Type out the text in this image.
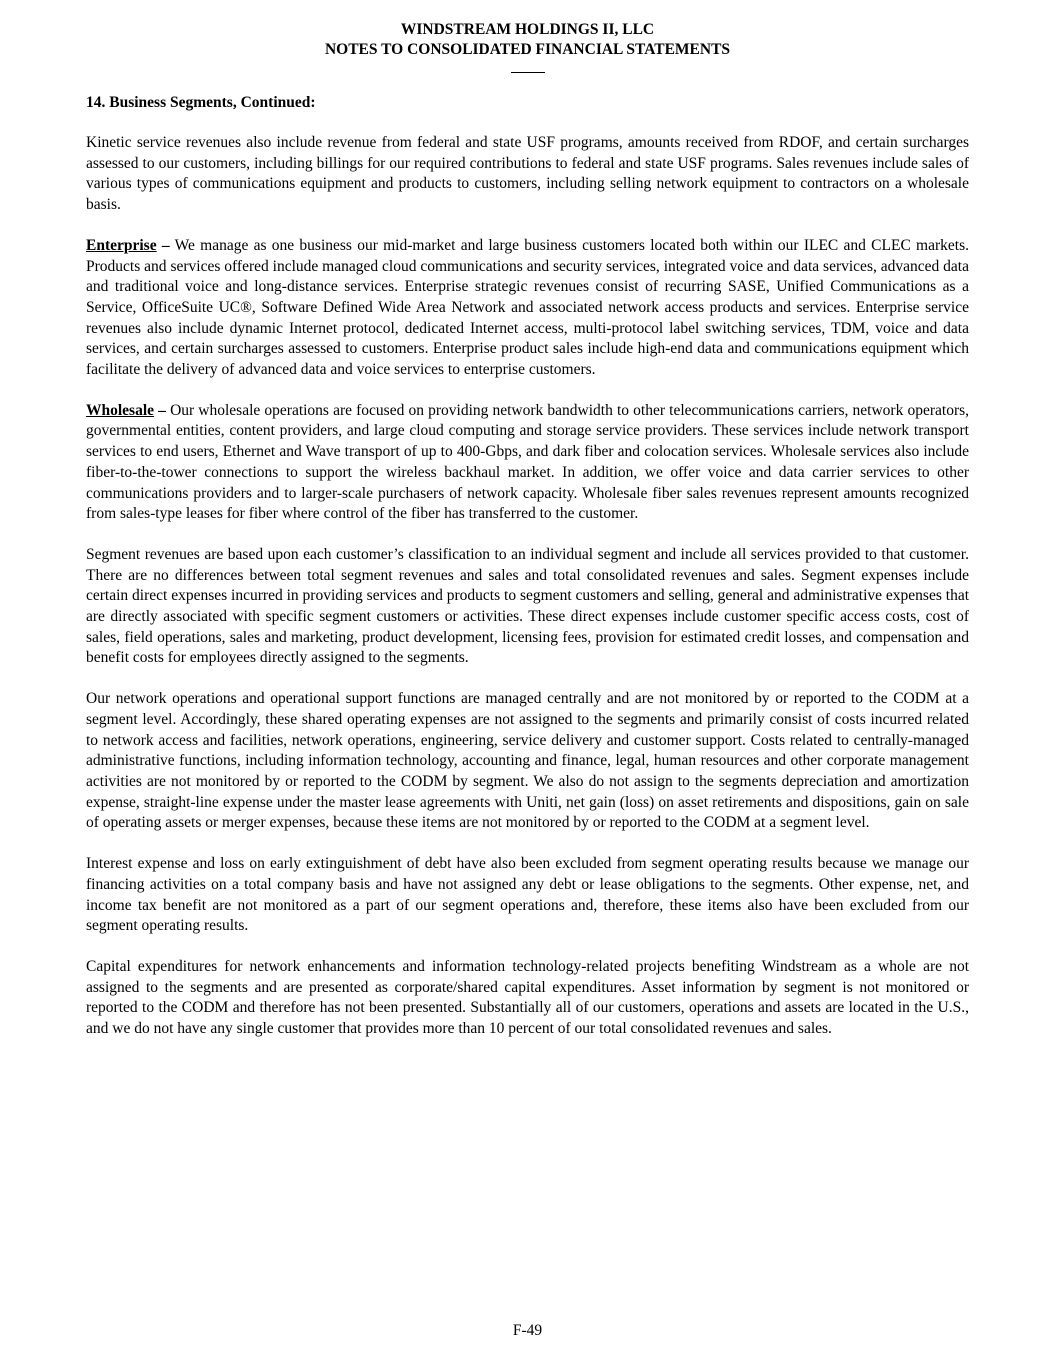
WINDSTREAM HOLDINGS II, LLC
NOTES TO CONSOLIDATED FINANCIAL STATEMENTS
14. Business Segments, Continued:

Kinetic service revenues also include revenue from federal and state USF programs, amounts received from RDOF, and certain surcharges assessed to our customers, including billings for our required contributions to federal and state USF programs. Sales revenues include sales of various types of communications equipment and products to customers, including selling network equipment to contractors on a wholesale basis.

Enterprise – We manage as one business our mid-market and large business customers located both within our ILEC and CLEC markets. Products and services offered include managed cloud communications and security services, integrated voice and data services, advanced data and traditional voice and long-distance services. Enterprise strategic revenues consist of recurring SASE, Unified Communications as a Service, OfficeSuite UC®, Software Defined Wide Area Network and associated network access products and services. Enterprise service revenues also include dynamic Internet protocol, dedicated Internet access, multi-protocol label switching services, TDM, voice and data services, and certain surcharges assessed to customers. Enterprise product sales include high-end data and communications equipment which facilitate the delivery of advanced data and voice services to enterprise customers.

Wholesale – Our wholesale operations are focused on providing network bandwidth to other telecommunications carriers, network operators, governmental entities, content providers, and large cloud computing and storage service providers. These services include network transport services to end users, Ethernet and Wave transport of up to 400-Gbps, and dark fiber and colocation services. Wholesale services also include fiber-to-the-tower connections to support the wireless backhaul market. In addition, we offer voice and data carrier services to other communications providers and to larger-scale purchasers of network capacity. Wholesale fiber sales revenues represent amounts recognized from sales-type leases for fiber where control of the fiber has transferred to the customer.

Segment revenues are based upon each customer’s classification to an individual segment and include all services provided to that customer. There are no differences between total segment revenues and sales and total consolidated revenues and sales. Segment expenses include certain direct expenses incurred in providing services and products to segment customers and selling, general and administrative expenses that are directly associated with specific segment customers or activities. These direct expenses include customer specific access costs, cost of sales, field operations, sales and marketing, product development, licensing fees, provision for estimated credit losses, and compensation and benefit costs for employees directly assigned to the segments.

Our network operations and operational support functions are managed centrally and are not monitored by or reported to the CODM at a segment level. Accordingly, these shared operating expenses are not assigned to the segments and primarily consist of costs incurred related to network access and facilities, network operations, engineering, service delivery and customer support. Costs related to centrally-managed administrative functions, including information technology, accounting and finance, legal, human resources and other corporate management activities are not monitored by or reported to the CODM by segment. We also do not assign to the segments depreciation and amortization expense, straight-line expense under the master lease agreements with Uniti, net gain (loss) on asset retirements and dispositions, gain on sale of operating assets or merger expenses, because these items are not monitored by or reported to the CODM at a segment level.

Interest expense and loss on early extinguishment of debt have also been excluded from segment operating results because we manage our financing activities on a total company basis and have not assigned any debt or lease obligations to the segments. Other expense, net, and income tax benefit are not monitored as a part of our segment operations and, therefore, these items also have been excluded from our segment operating results.

Capital expenditures for network enhancements and information technology-related projects benefiting Windstream as a whole are not assigned to the segments and are presented as corporate/shared capital expenditures. Asset information by segment is not monitored or reported to the CODM and therefore has not been presented. Substantially all of our customers, operations and assets are located in the U.S., and we do not have any single customer that provides more than 10 percent of our total consolidated revenues and sales.

F-49
